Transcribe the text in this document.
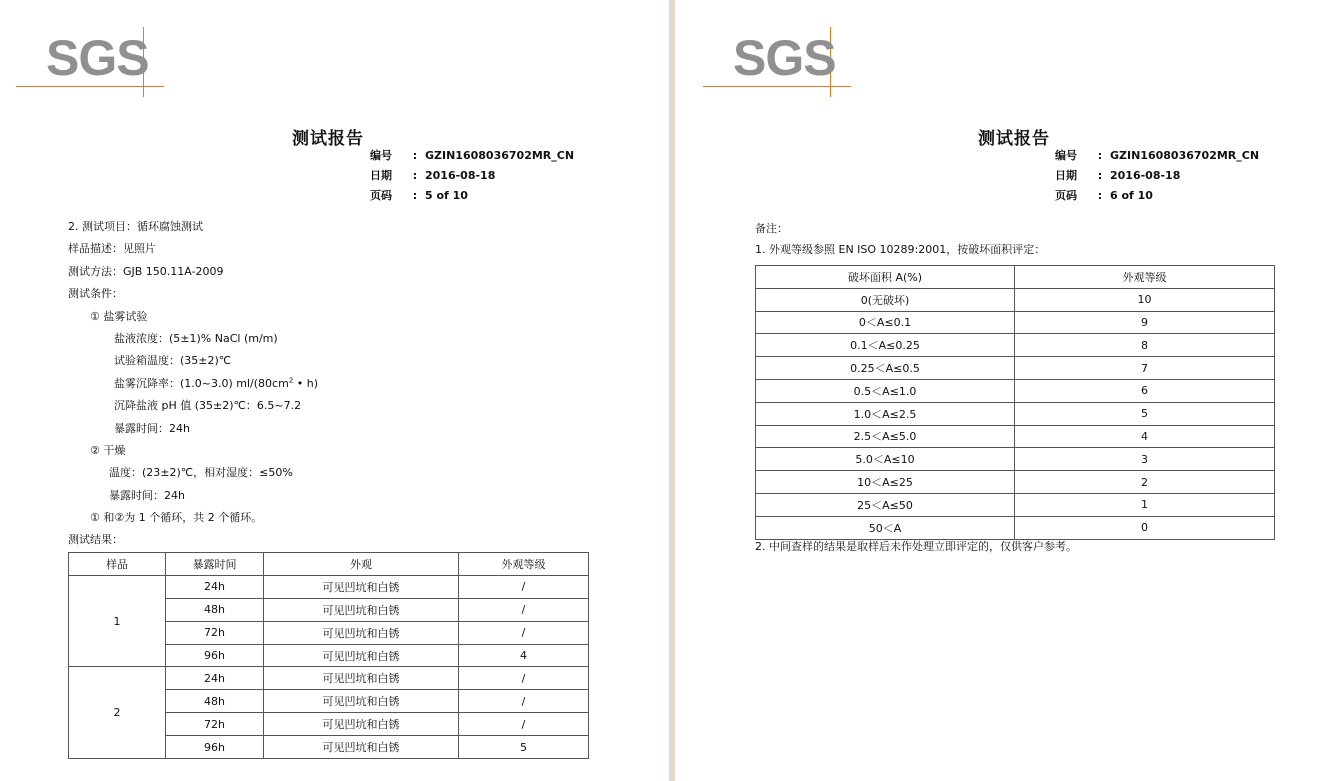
SGS
测试报告
编号 : GZIN1608036702MR_CN
日期 : 2016-08-18
页码 : 5 of 10
2. 测试项目：循环腐蚀测试
样品描述：见照片
测试方法：GJB 150.11A-2009
测试条件：
① 盐雾试验
盐液浓度：(5±1)% NaCl (m/m)
试验箱温度：(35±2)℃
盐雾沉降率：(1.0~3.0) $ml/(80cm^2$ • h)
沉降盐液 pH 值 (35±2)℃：6.5~7.2
暴露时间：24h
② 干燥
温度：(23±2)℃，相对湿度：≤50%
暴露时间：24h
① 和②为 1 个循环，共 2 个循环。
测试结果：
样品	暴露时间	外观	外观等级
1	24h	可见凹坑和白锈	/
	48h	可见凹坑和白锈	/
	72h	可见凹坑和白锈	/
	96h	可见凹坑和白锈	4
2	24h	可见凹坑和白锈	/
	48h	可见凹坑和白锈	/
	72h	可见凹坑和白锈	/
	96h	可见凹坑和白锈	5
SGS
测试报告
编号 : GZIN1608036702MR_CN
日期 : 2016-08-18
页码 : 6 of 10
备注：
1. 外观等级参照 EN ISO 10289:2001，按破坏面积评定：
破坏面积 A(%)	外观等级
0(无破坏)	10
0＜A≤0.1	9
0.1＜A≤0.25	8
0.25＜A≤0.5	7
0.5＜A≤1.0	6
1.0＜A≤2.5	5
2.5＜A≤5.0	4
5.0＜A≤10	3
10＜A≤25	2
25＜A≤50	1
50＜A	0
2. 中间查样的结果是取样后未作处理立即评定的，仅供客户参考。
